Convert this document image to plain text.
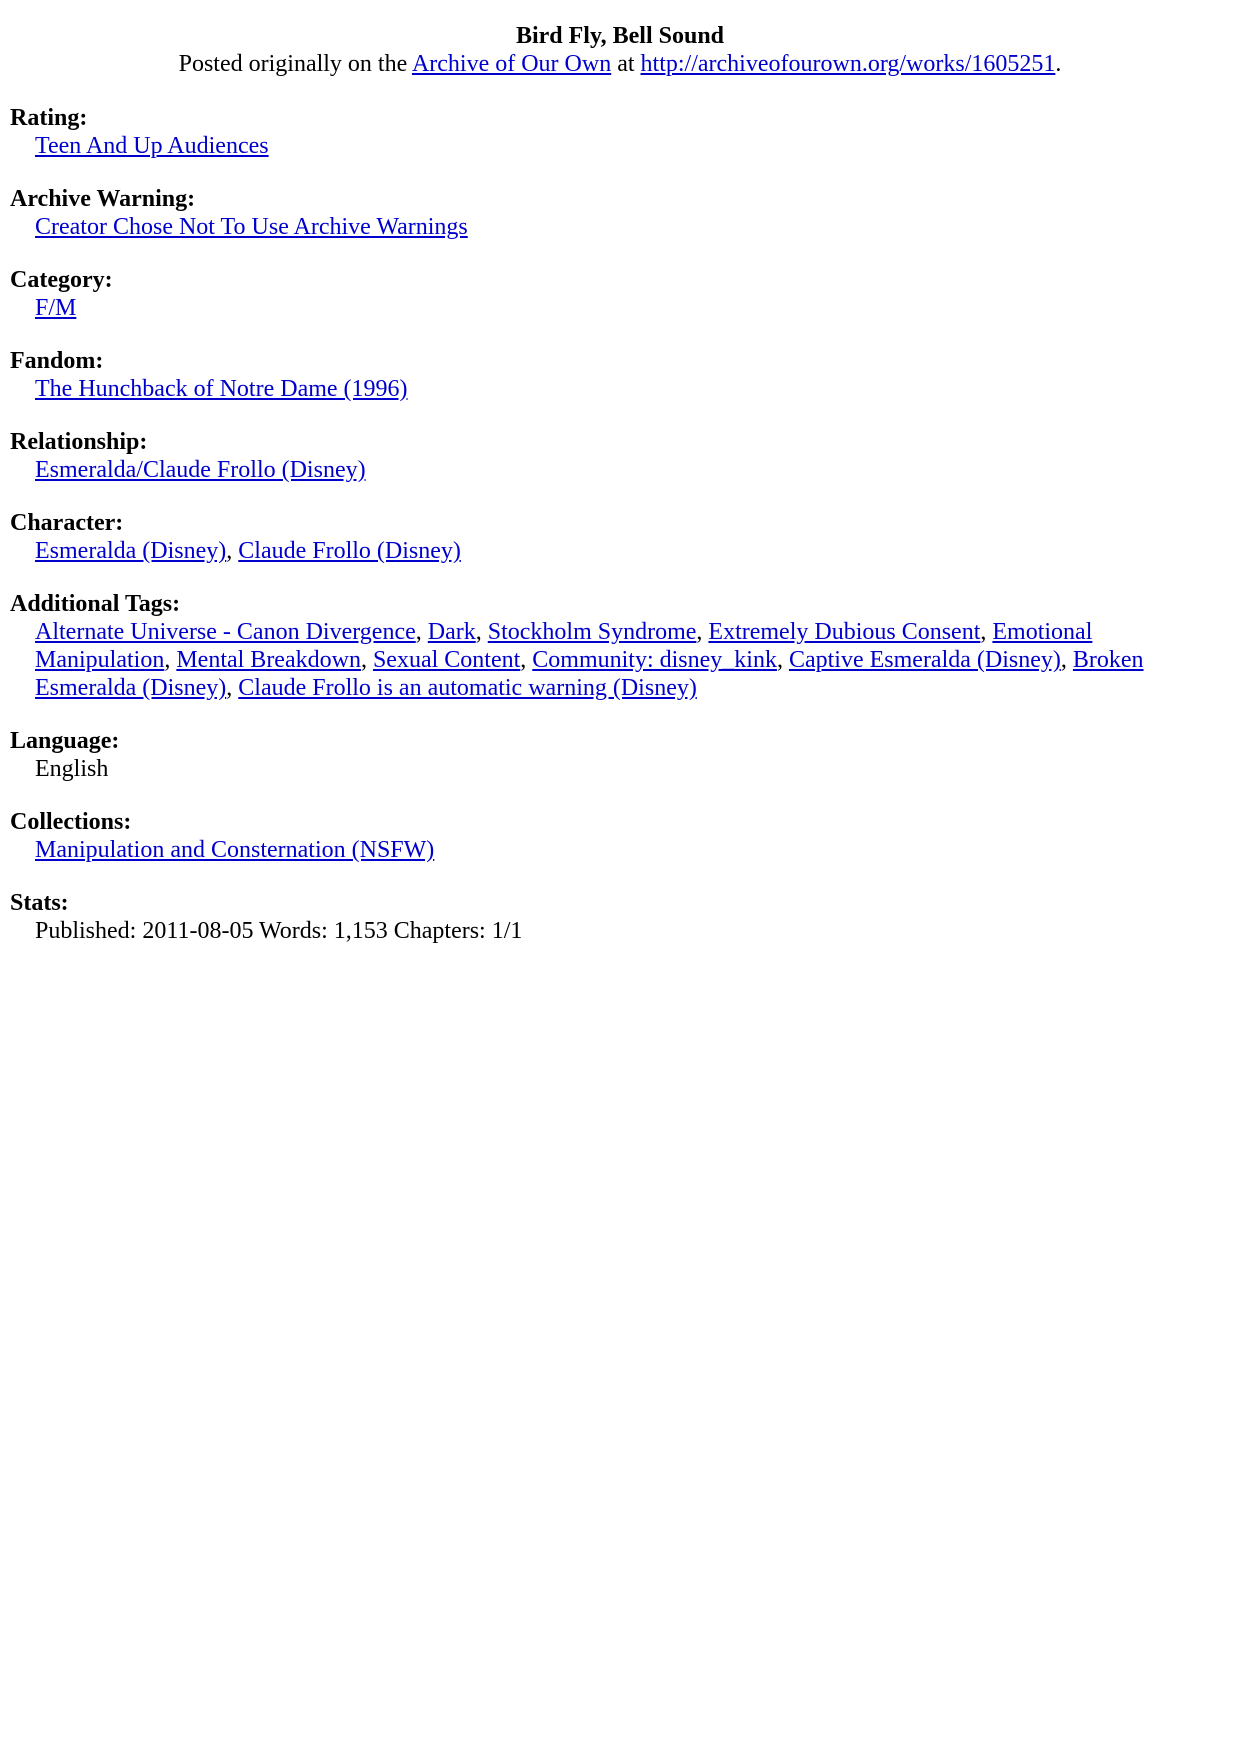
Bird Fly, Bell Sound
Posted originally on the Archive of Our Own at http://archiveofourown.org/works/1605251.
Rating:
Teen And Up Audiences
Archive Warning:
Creator Chose Not To Use Archive Warnings
Category:
F/M
Fandom:
The Hunchback of Notre Dame (1996)
Relationship:
Esmeralda/Claude Frollo (Disney)
Character:
Esmeralda (Disney), Claude Frollo (Disney)
Additional Tags:
Alternate Universe - Canon Divergence, Dark, Stockholm Syndrome, Extremely Dubious Consent, Emotional Manipulation, Mental Breakdown, Sexual Content, Community: disney_kink, Captive Esmeralda (Disney), Broken Esmeralda (Disney), Claude Frollo is an automatic warning (Disney)
Language:
English
Collections:
Manipulation and Consternation (NSFW)
Stats:
Published: 2011-08-05 Words: 1,153 Chapters: 1/1
